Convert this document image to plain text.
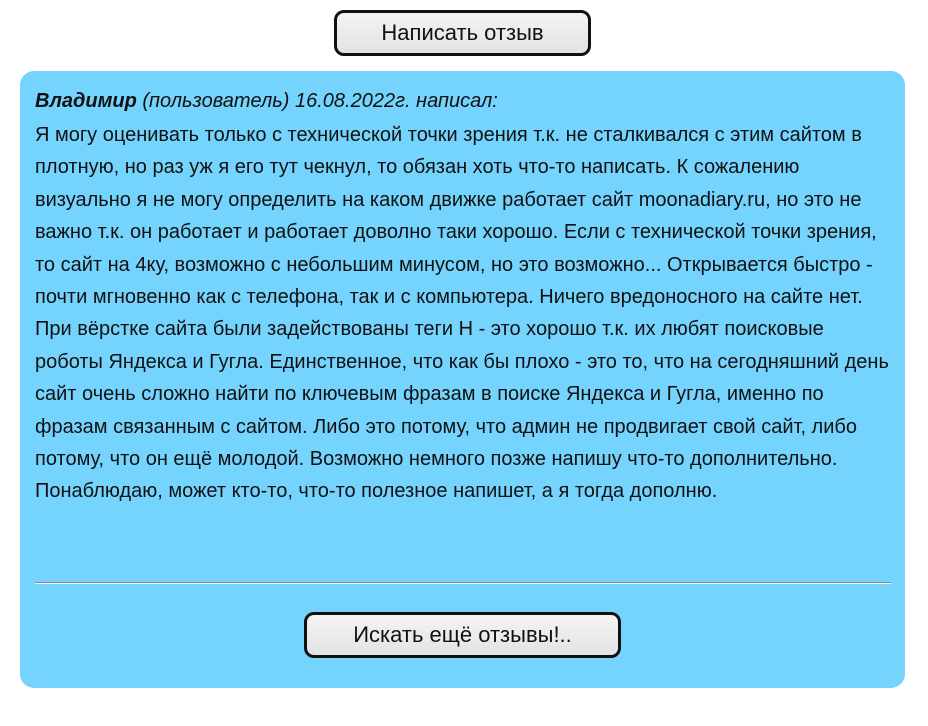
Написать отзыв
Владимир (пользователь) 16.08.2022г. написал:
Я могу оценивать только с технической точки зрения т.к. не сталкивался с этим сайтом в плотную, но раз уж я его тут чекнул, то обязан хоть что-то написать. К сожалению визуально я не могу определить на каком движке работает сайт moonadiary.ru, но это не важно т.к. он работает и работает доволно таки хорошо. Если с технической точки зрения, то сайт на 4ку, возможно с небольшим минусом, но это возможно... Открывается быстро - почти мгновенно как с телефона, так и с компьютера. Ничего вредоносного на сайте нет. При вёрстке сайта были задействованы теги Н - это хорошо т.к. их любят поисковые роботы Яндекса и Гугла. Единственное, что как бы плохо - это то, что на сегодняшний день сайт очень сложно найти по ключевым фразам в поиске Яндекса и Гугла, именно по фразам связанным с сайтом. Либо это потому, что админ не продвигает свой сайт, либо потому, что он ещё молодой. Возможно немного позже напишу что-то дополнительно. Понаблюдаю, может кто-то, что-то полезное напишет, а я тогда дополню.
Искать ещё отзывы!..
